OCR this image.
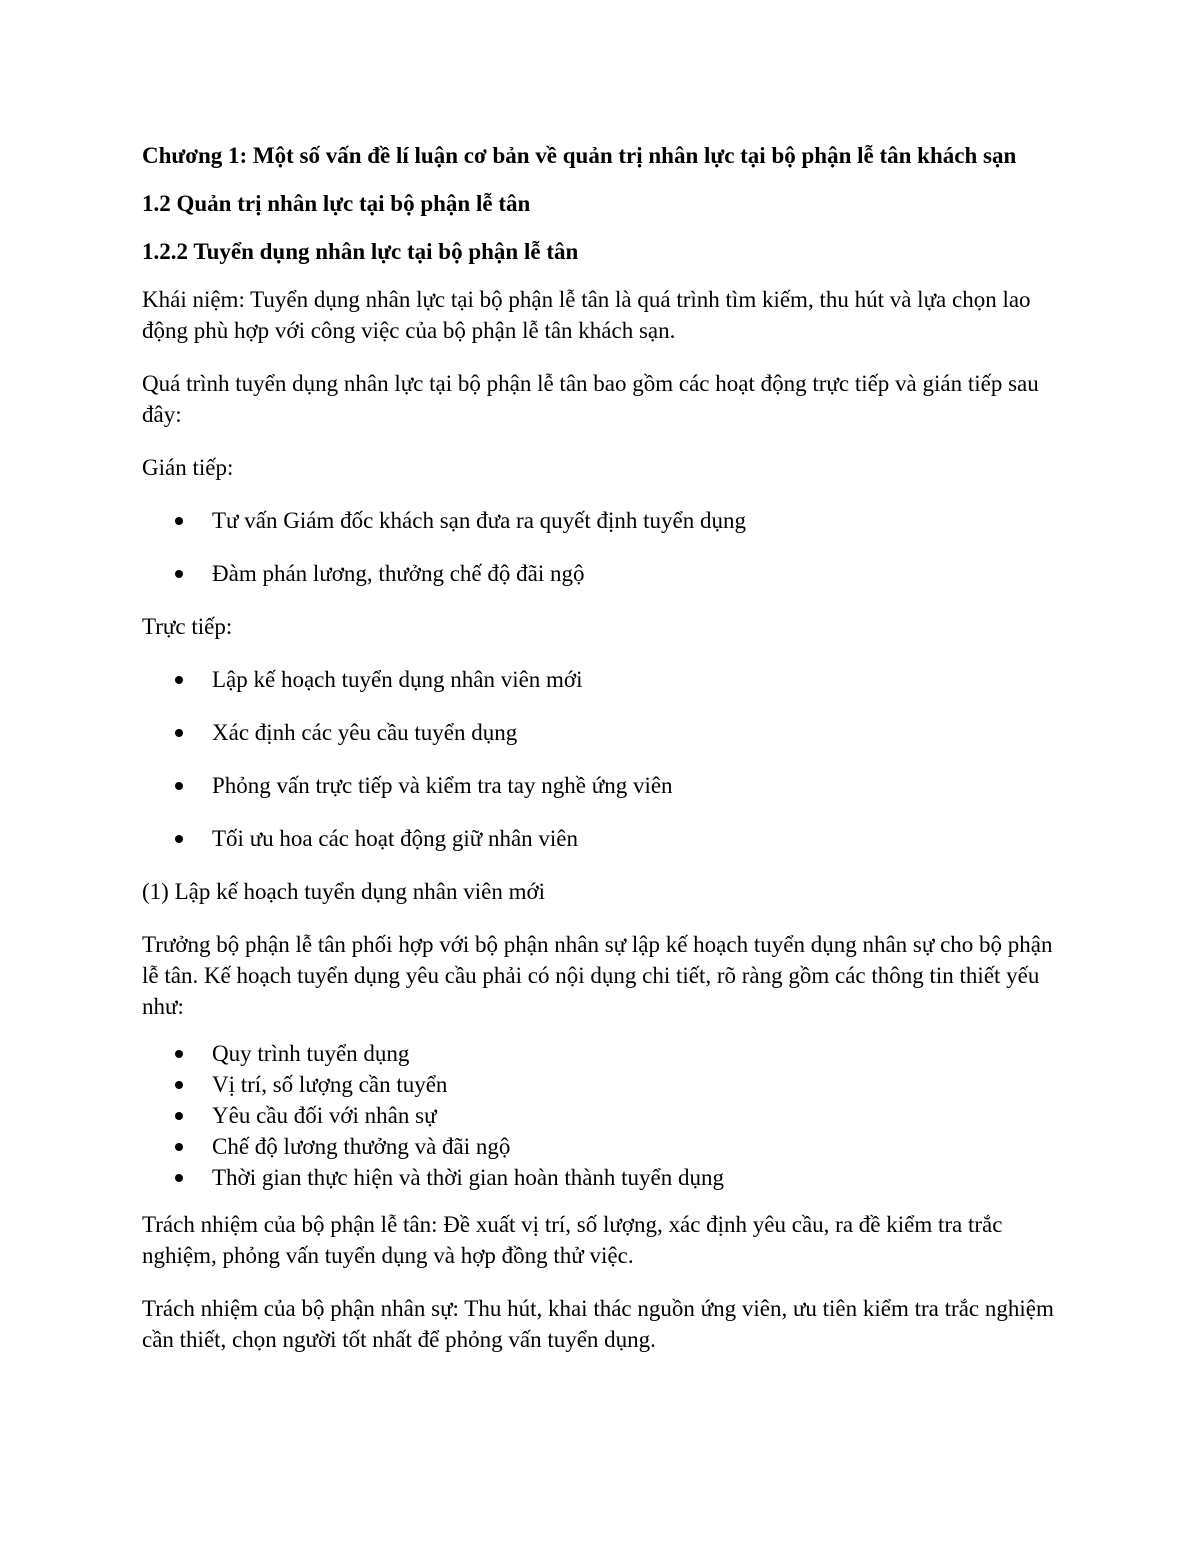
Chương 1: Một số vấn đề lí luận cơ bản về quản trị nhân lực tại bộ phận lễ tân khách sạn
1.2 Quản trị nhân lực tại bộ phận lễ tân
1.2.2 Tuyển dụng nhân lực tại bộ phận lễ tân
Khái niệm: Tuyển dụng nhân lực tại bộ phận lễ tân là quá trình tìm kiếm, thu hút và lựa chọn lao động phù hợp với công việc của bộ phận lễ tân khách sạn.
Quá trình tuyển dụng nhân lực tại bộ phận lễ tân bao gồm các hoạt động trực tiếp và gián tiếp sau đây:
Gián tiếp:
Tư vấn Giám đốc khách sạn đưa ra quyết định tuyển dụng
Đàm phán lương, thưởng chế độ đãi ngộ
Trực tiếp:
Lập kế hoạch tuyển dụng nhân viên mới
Xác định các yêu cầu tuyển dụng
Phỏng vấn trực tiếp và kiểm tra tay nghề ứng viên
Tối ưu hoa các hoạt động giữ nhân viên
(1) Lập kế hoạch tuyển dụng nhân viên mới
Trưởng bộ phận lễ tân phối hợp với bộ phận nhân sự lập kế hoạch tuyển dụng nhân sự cho bộ phận lễ tân. Kế hoạch tuyển dụng yêu cầu phải có nội dụng chi tiết, rõ ràng gồm các thông tin thiết yếu như:
Quy trình tuyển dụng
Vị trí, số lượng cần tuyển
Yêu cầu đối với nhân sự
Chế độ lương thưởng và đãi ngộ
Thời gian thực hiện và thời gian hoàn thành tuyển dụng
Trách nhiệm của bộ phận lễ tân: Đề xuất vị trí, số lượng, xác định yêu cầu, ra đề kiểm tra trắc nghiệm, phỏng vấn tuyển dụng và hợp đồng thử việc.
Trách nhiệm của bộ phận nhân sự: Thu hút, khai thác nguồn ứng viên, ưu tiên kiểm tra trắc nghiệm cần thiết, chọn người tốt nhất để phỏng vấn tuyển dụng.
